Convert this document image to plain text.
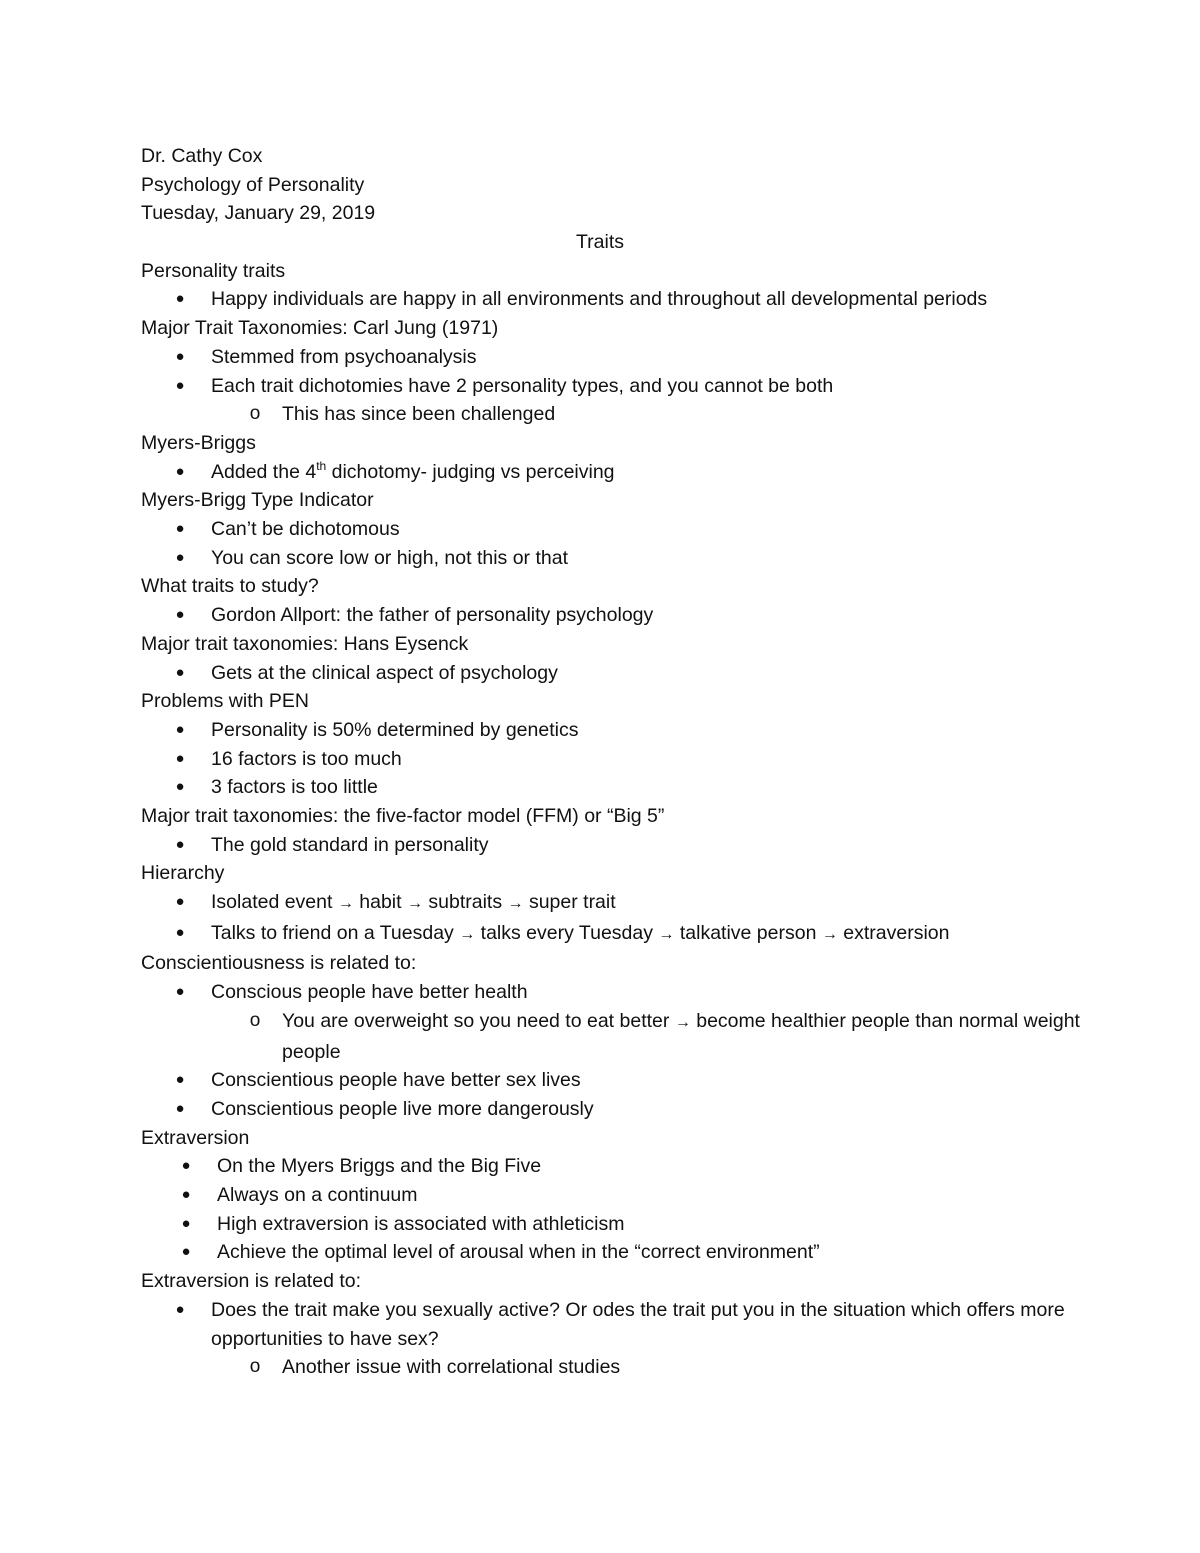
Dr. Cathy Cox
Psychology of Personality
Tuesday, January 29, 2019
Traits
Personality traits
● Happy individuals are happy in all environments and throughout all developmental periods
Major Trait Taxonomies: Carl Jung (1971)
● Stemmed from psychoanalysis
● Each trait dichotomies have 2 personality types, and you cannot be both
o This has since been challenged
Myers-Briggs
● Added the 4th dichotomy- judging vs perceiving
Myers-Brigg Type Indicator
● Can’t be dichotomous
● You can score low or high, not this or that
What traits to study?
● Gordon Allport: the father of personality psychology
Major trait taxonomies: Hans Eysenck
● Gets at the clinical aspect of psychology
Problems with PEN
● Personality is 50% determined by genetics
● 16 factors is too much
● 3 factors is too little
Major trait taxonomies: the five-factor model (FFM) or “Big 5”
● The gold standard in personality
Hierarchy
● Isolated event → habit → subtraits → super trait
● Talks to friend on a Tuesday → talks every Tuesday → talkative person → extraversion
Conscientiousness is related to:
● Conscious people have better health
o You are overweight so you need to eat better → become healthier people than normal weight people
● Conscientious people have better sex lives
● Conscientious people live more dangerously
Extraversion
● On the Myers Briggs and the Big Five
● Always on a continuum
● High extraversion is associated with athleticism
● Achieve the optimal level of arousal when in the “correct environment”
Extraversion is related to:
● Does the trait make you sexually active? Or odes the trait put you in the situation which offers more opportunities to have sex?
o Another issue with correlational studies
